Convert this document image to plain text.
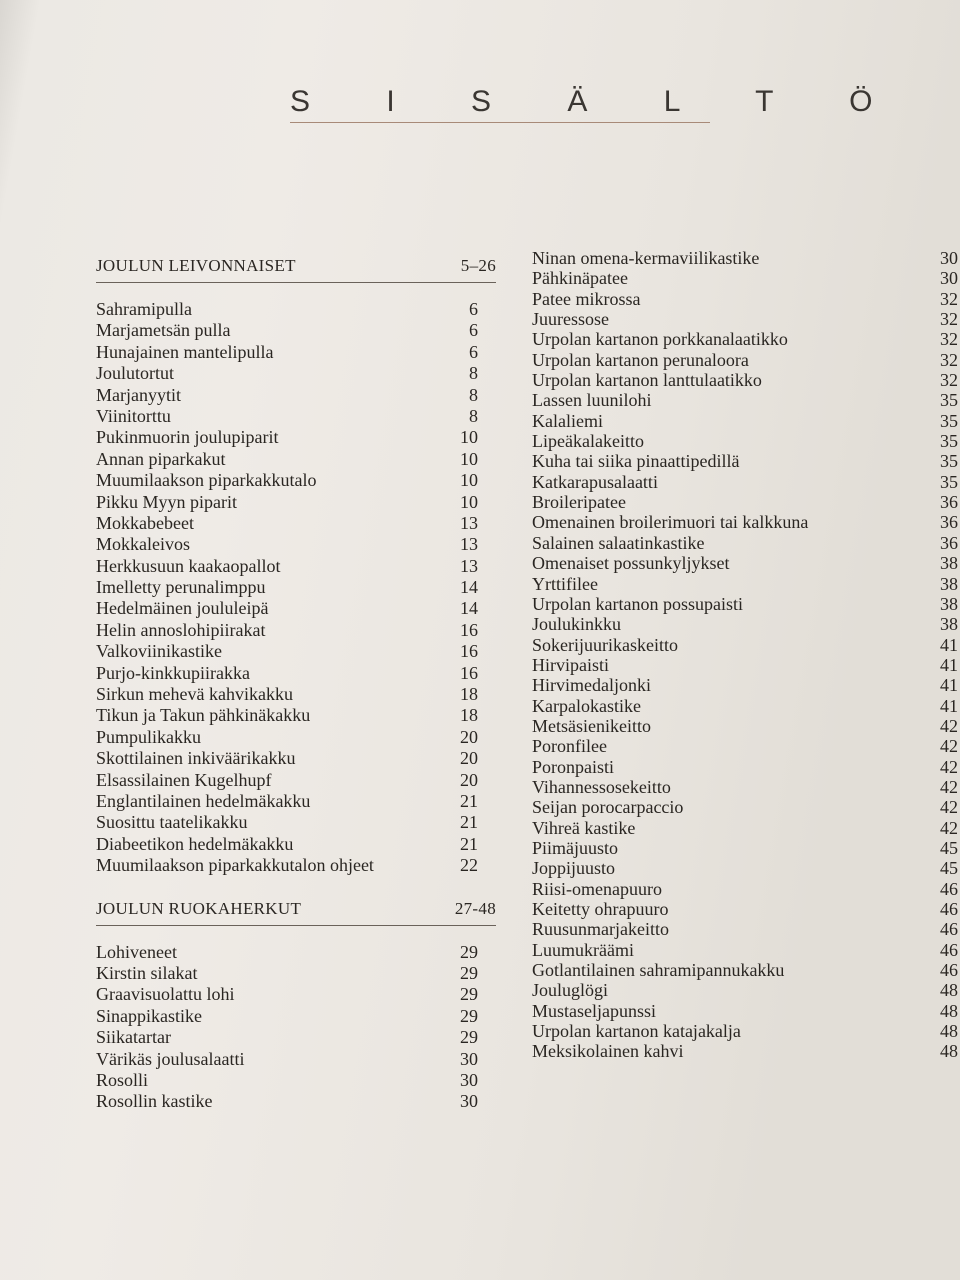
S I S Ä L T Ö
JOULUN LEIVONNAISET	5–26
Sahramipulla	6
Marjametsän pulla	6
Hunajainen mantelipulla	6
Joulutortut	8
Marjanyytit	8
Viinitorttu	8
Pukinmuorin joulupiparit	10
Annan piparkakut	10
Muumilaakson piparkakkutalo	10
Pikku Myyn piparit	10
Mokkabebeet	13
Mokkaleivos	13
Herkkusuun kaakaopallot	13
Imelletty perunalimppu	14
Hedelmäinen joululeipä	14
Helin annoslohipiirakat	16
Valkoviinikastike	16
Purjo-kinkkupiirakka	16
Sirkun mehevä kahvikakku	18
Tikun ja Takun pähkinäkakku	18
Pumpulikakku	20
Skottilainen inkiväärikakku	20
Elsassilainen Kugelhupf	20
Englantilainen hedelmäkakku	21
Suosittu taatelikakku	21
Diabeetikon hedelmäkakku	21
Muumilaakson piparkakkutalon ohjeet	22
JOULUN RUOKAHERKUT	27-48
Lohiveneet	29
Kirstin silakat	29
Graavisuolattu lohi	29
Sinappikastike	29
Siikatartar	29
Värikäs joulusalaatti	30
Rosolli	30
Rosollin kastike	30
Ninan omena-kermaviilikastike	30
Pähkinäpatee	30
Patee mikrossa	32
Juuressose	32
Urpolan kartanon porkkanalaatikko	32
Urpolan kartanon perunaloora	32
Urpolan kartanon lanttulaatikko	32
Lassen luunilohi	35
Kalaliemi	35
Lipeäkalakeitto	35
Kuha tai siika pinaattipedillä	35
Katkarapusalaatti	35
Broileripatee	36
Omenainen broilerimuori tai kalkkuna	36
Salainen salaatinkastike	36
Omenaiset possunkyljykset	38
Yrttifilee	38
Urpolan kartanon possupaisti	38
Joulukinkku	38
Sokerijuurikaskeitto	41
Hirvipaisti	41
Hirvimedaljonki	41
Karpalokastike	41
Metsäsienikeitto	42
Poronfilee	42
Poronpaisti	42
Vihannessosekeitto	42
Seijan porocarpaccio	42
Vihreä kastike	42
Piimäjuusto	45
Joppijuusto	45
Riisi-omenapuuro	46
Keitetty ohrapuuro	46
Ruusunmarjakeitto	46
Luumukräämi	46
Gotlantilainen sahramipannukakku	46
Jouluglögi	48
Mustaseljapunssi	48
Urpolan kartanon katajakalja	48
Meksikolainen kahvi	48
